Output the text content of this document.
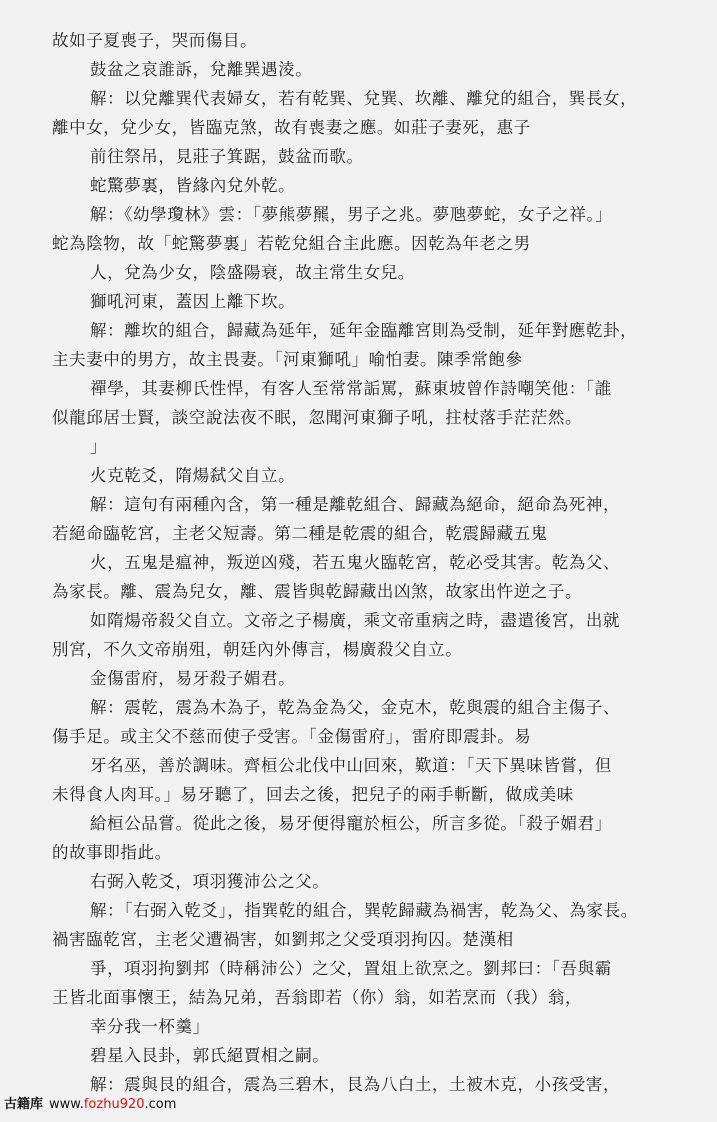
故如子夏喪子，哭而傷目。
鼓盆之哀誰訴，兌離巽遇淩。
解：以兌離巽代表婦女，若有乾巽、兌巽、坎離、離兌的組合，巽長女，
離中女，兌少女，皆臨克煞，故有喪妻之應。如莊子妻死，惠子
前往祭吊，見莊子箕踞，鼓盆而歌。
蛇驚夢裏，皆緣內兌外乾。
解：《幼學瓊林》雲：「夢熊夢羆，男子之兆。夢虺夢蛇，女子之祥。」
蛇為陰物，故「蛇驚夢裏」若乾兌組合主此應。因乾為年老之男
人，兌為少女，陰盛陽衰，故主常生女兒。
獅吼河東，蓋因上離下坎。
解：離坎的組合，歸藏為延年，延年金臨離宮則為受制，延年對應乾卦，
主夫妻中的男方，故主畏妻。「河東獅吼」喻怕妻。陳季常飽參
禪學，其妻柳氏性悍，有客人至常常詬罵，蘇東坡曾作詩嘲笑他：「誰
似龍邱居士賢，談空說法夜不眠，忽聞河東獅子吼，拄杖落手茫茫然。
」
火克乾爻，隋煬弑父自立。
解：這句有兩種內含，第一種是離乾組合、歸藏為絕命，絕命為死神，
若絕命臨乾宮，主老父短壽。第二種是乾震的組合，乾震歸藏五鬼
火，五鬼是瘟神，叛逆凶殘，若五鬼火臨乾宮，乾必受其害。乾為父、
為家長。離、震為兒女，離、震皆與乾歸藏出凶煞，故家出忤逆之子。
如隋煬帝殺父自立。文帝之子楊廣，乘文帝重病之時，盡遣後宮，出就
別宮，不久文帝崩殂，朝廷內外傳言，楊廣殺父自立。
金傷雷府，易牙殺子媚君。
解：震乾，震為木為子，乾為金為父，金克木，乾與震的組合主傷子、
傷手足。或主父不慈而使子受害。「金傷雷府」，雷府即震卦。易
牙名巫，善於調味。齊桓公北伐中山回來，歎道：「天下異味皆嘗，但
未得食人肉耳。」易牙聽了，回去之後，把兒子的兩手斬斷，做成美味
給桓公品嘗。從此之後，易牙便得寵於桓公，所言多從。「殺子媚君」
的故事即指此。
右弼入乾爻，項羽獲沛公之父。
解：「右弼入乾爻」，指巽乾的組合，巽乾歸藏為禍害，乾為父、為家長。
禍害臨乾宮，主老父遭禍害，如劉邦之父受項羽拘囚。楚漢相
爭，項羽拘劉邦（時稱沛公）之父，置俎上欲烹之。劉邦曰：「吾與霸
王皆北面事懷王，結為兄弟，吾翁即若（你）翁，如若烹而（我）翁，
幸分我一杯羹」
碧星入艮卦，郭氏絕賈相之嗣。
解：震與艮的組合，震為三碧木，艮為八白土，土被木克，小孩受害，
古籍库 www.fozhu920.com
